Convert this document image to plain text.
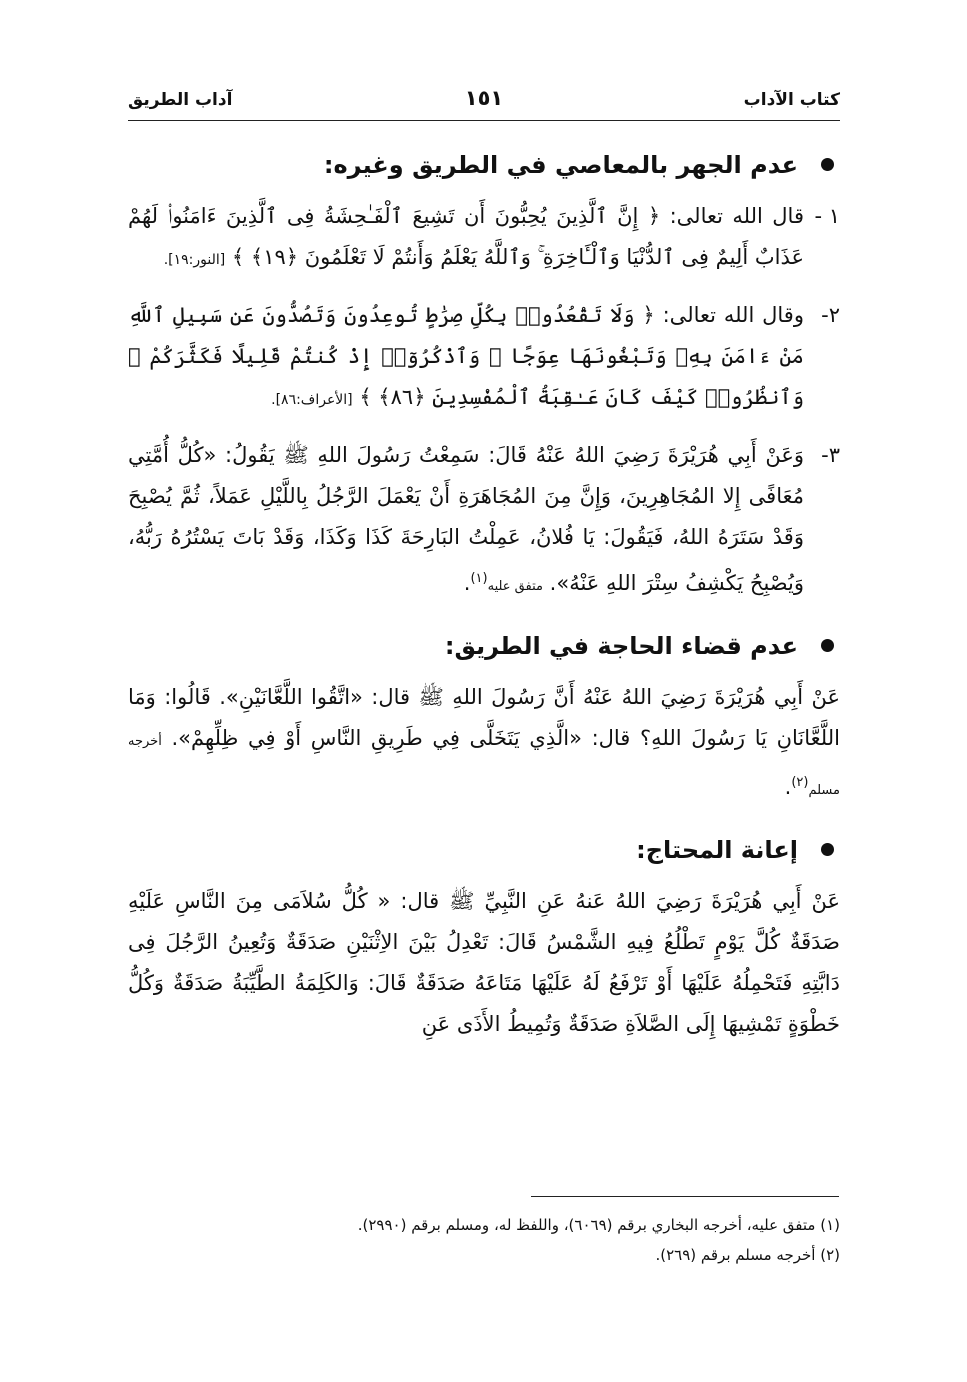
كتاب الآداب
١٥١
آداب الطريق
عدم الجهر بالمعاصي في الطريق وغيره:
١ -
قال الله تعالى: ﴿ إِنَّ ٱلَّذِينَ يُحِبُّونَ أَن تَشِيعَ ٱلْفَـٰحِشَةُ فِى ٱلَّذِينَ ءَامَنُوا۟ لَهُمْ عَذَابٌ أَلِيمٌ فِى ٱلدُّنْيَا وَٱلْـَٔاخِرَةِ ۚ وَٱللَّهُ يَعْلَمُ وَأَنتُمْ لَا تَعْلَمُونَ ﴿١٩﴾ ﴾ [النور:١٩].
٢-
وقال الله تعالى: ﴿ وَلَا تَقْعُدُوا۟ بِكُلِّ صِرَٰطٍ تُوعِدُونَ وَتَصُدُّونَ عَن سَبِيلِ ٱللَّهِ مَنْ ءَامَنَ بِهِۦ وَتَبْغُونَهَا عِوَجًا ۚ وَٱذْكُرُوٓا۟ إِذْ كُنتُمْ قَلِيلًا فَكَثَّرَكُمْ ۖ وَٱنظُرُوا۟ كَيْفَ كَانَ عَـٰقِبَةُ ٱلْمُفْسِدِينَ ﴿٨٦﴾ ﴾ [الأعراف:٨٦].
٣-
وَعَنْ أَبِي هُرَيْرَةَ رَضِيَ اللهُ عَنْهُ قَالَ: سَمِعْتُ رَسُولَ اللهِ ﷺ يَقُولُ: «كُلُّ أُمَّتِي مُعَافًى إِلا المُجَاهِرِينَ، وَإِنَّ مِنَ المُجَاهَرَةِ أَنْ يَعْمَلَ الرَّجُلُ بِاللَّيْلِ عَمَلاً، ثُمَّ يُصْبِحَ وَقَدْ سَتَرَهُ اللهُ، فَيَقُولَ: يَا فُلانُ، عَمِلْتُ البَارِحَةَ كَذَا وَكَذَا، وَقَدْ بَاتَ يَسْتُرُهُ رَبُّهُ، وَيُصْبِحُ يَكْشِفُ سِتْرَ اللهِ عَنْهُ». متفق عليه$^{(١)}$.
عدم قضاء الحاجة في الطريق:
عَنْ أَبِي هُرَيْرَةَ رَضِيَ اللهُ عَنْهُ أَنَّ رَسُولَ اللهِ ﷺ قال: «اتَّقُوا اللَّعَّانَيْنِ». قَالُوا: وَمَا اللَّعَّانَانِ يَا رَسُولَ اللهِ؟ قال: «الَّذِي يَتَخَلَّى فِي طَرِيقِ النَّاسِ أَوْ فِي ظِلِّهِمْ». أخرجه مسلم$^{(٢)}$.
إعانة المحتاج:
عَنْ أَبِي هُرَيْرَةَ رَضِيَ اللهُ عَنهُ عَنِ النَّبِيِّ ﷺ قال: « كُلُّ سُلاَمَى مِنَ النَّاسِ عَلَيْهِ صَدَقَةٌ كُلَّ يَوْمٍ تَطْلُعُ فِيهِ الشَّمْسُ قَالَ: تَعْدِلُ بَيْنَ الاِثْنَيْنِ صَدَقَةٌ وَتُعِينُ الرَّجُلَ فِى دَابَّتِهِ فَتَحْمِلُهُ عَلَيْهَا أَوْ تَرْفَعُ لَهُ عَلَيْهَا مَتَاعَهُ صَدَقَةٌ قَالَ: وَالكَلِمَةُ الطَّيِّبَةُ صَدَقَةٌ وَكُلُّ خَطْوَةٍ تَمْشِيهَا إِلَى الصَّلاَةِ صَدَقَةٌ وَتُمِيطُ الأَذَى عَنِ

(١) متفق عليه، أخرجه البخاري برقم (٦٠٦٩)، واللفظ له، ومسلم برقم (٢٩٩٠).

(٢) أخرجه مسلم برقم (٢٦٩).
